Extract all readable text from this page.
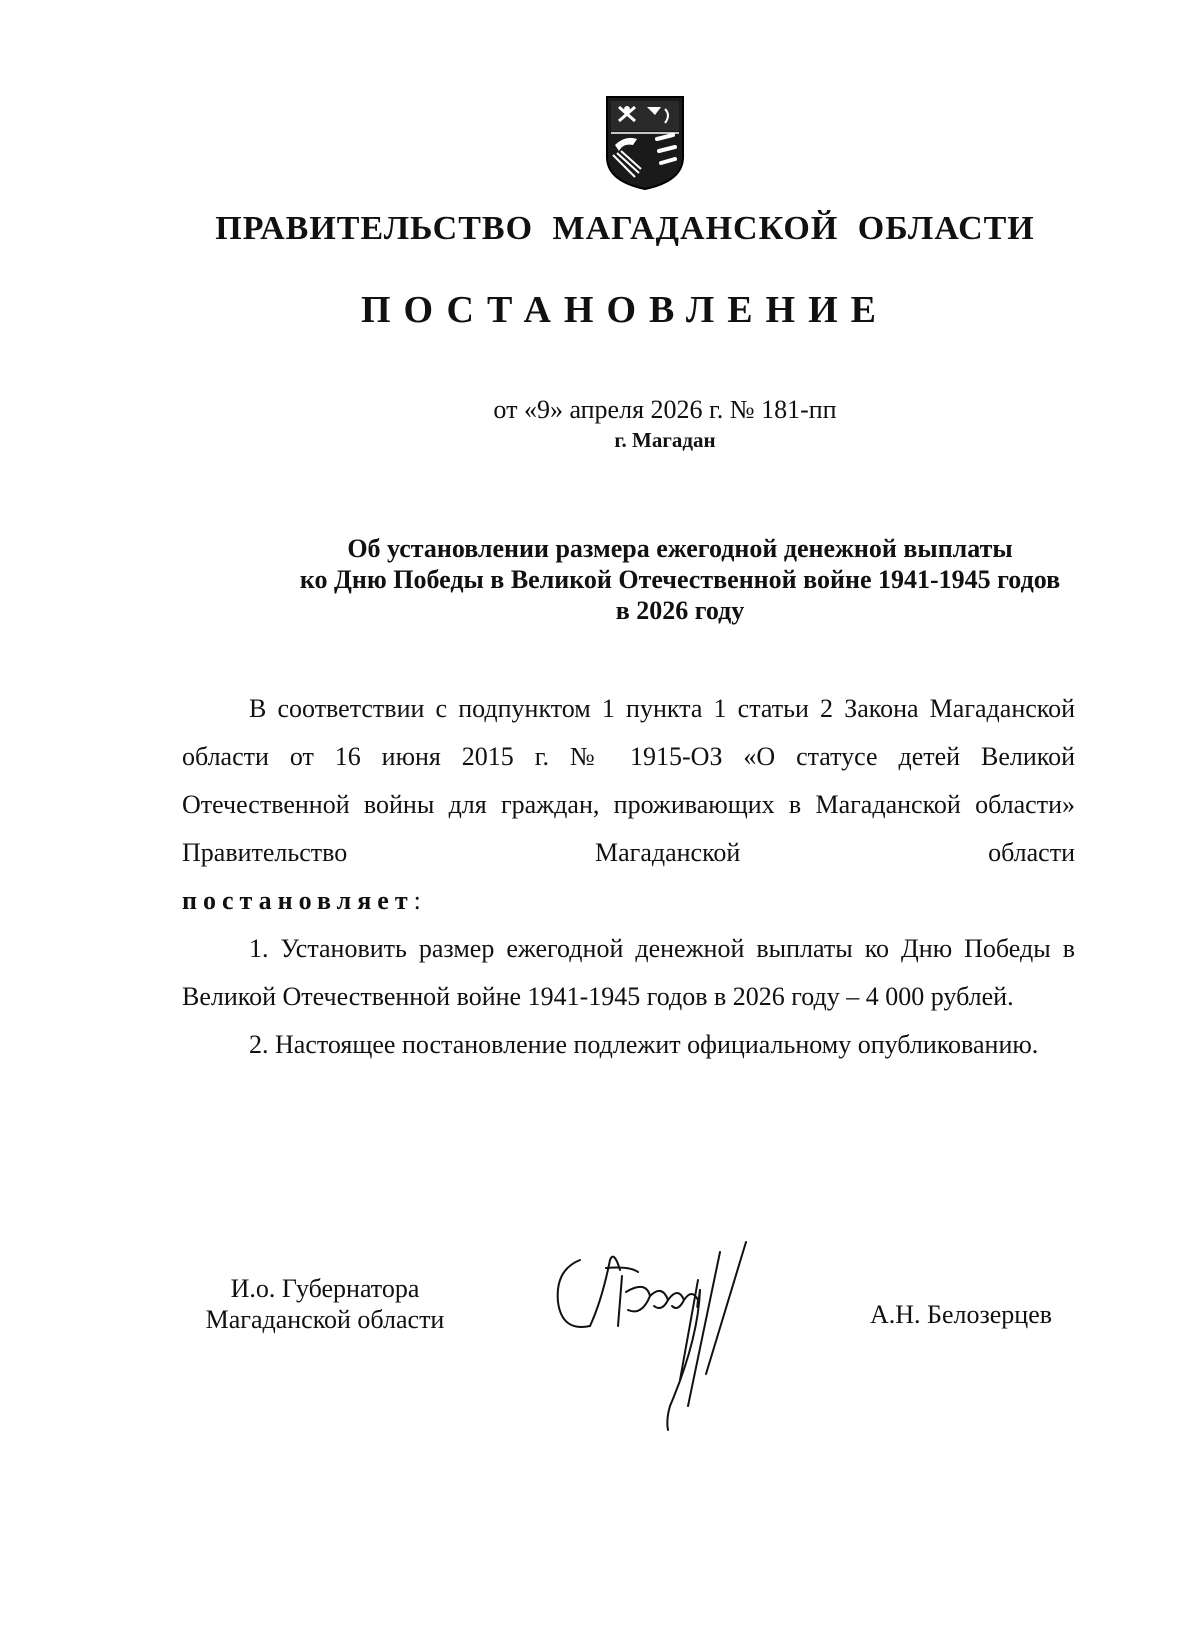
ПРАВИТЕЛЬСТВО МАГАДАНСКОЙ ОБЛАСТИ
ПОСТАНОВЛЕНИЕ
от «9» апреля 2026 г. № 181-пп
г. Магадан
Об установлении размера ежегодной денежной выплаты
ко Дню Победы в Великой Отечественной войне 1941-1945 годов
в 2026 году

В соответствии с подпунктом 1 пункта 1 статьи 2 Закона Магаданской области от 16 июня 2015 г. № 1915-ОЗ «О статусе детей Великой Отечественной войны для граждан, проживающих в Магаданской области» Правительство Магаданской области

постановляет:

1. Установить размер ежегодной денежной выплаты ко Дню Победы в Великой Отечественной войне 1941-1945 годов в 2026 году – 4 000 рублей.

2. Настоящее постановление подлежит официальному опубликованию.

И.о. Губернатора
Магаданской области	А.Н. Белозерцев
